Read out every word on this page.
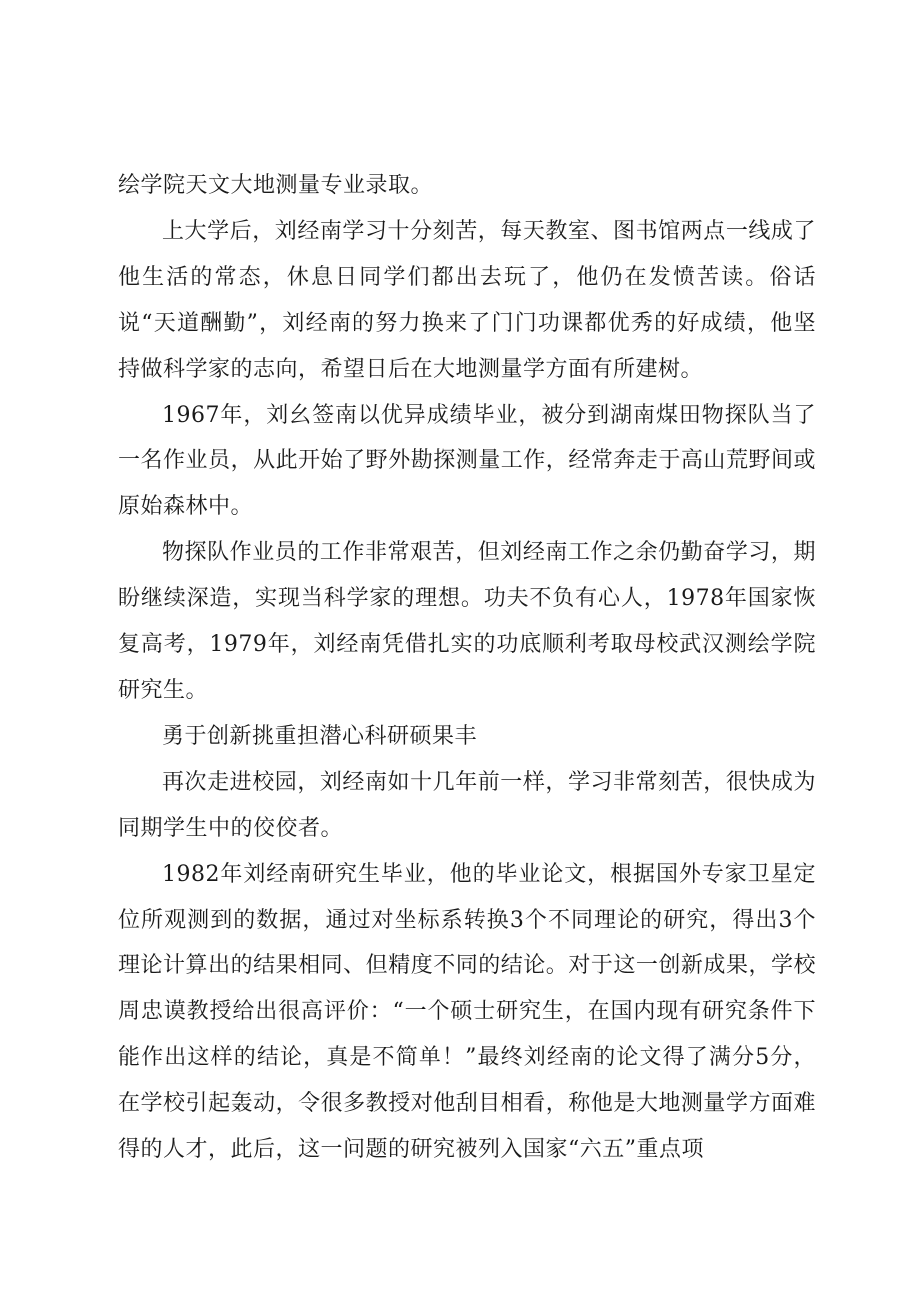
绘学院天文大地测量专业录取。

上大学后，刘经南学习十分刻苦，每天教室、图书馆两点一线成了他生活的常态，休息日同学们都出去玩了，他仍在发愤苦读。俗话说“天道酬勤”，刘经南的努力换来了门门功课都优秀的好成绩，他坚持做科学家的志向，希望日后在大地测量学方面有所建树。

1967年，刘幺签南以优异成绩毕业，被分到湖南煤田物探队当了一名作业员，从此开始了野外勘探测量工作，经常奔走于高山荒野间或原始森林中。

物探队作业员的工作非常艰苦，但刘经南工作之余仍勤奋学习，期盼继续深造，实现当科学家的理想。功夫不负有心人，1978年国家恢复高考，1979年，刘经南凭借扎实的功底顺利考取母校武汉测绘学院研究生。

勇于创新挑重担潜心科研硕果丰

再次走进校园，刘经南如十几年前一样，学习非常刻苦，很快成为同期学生中的佼佼者。

1982年刘经南研究生毕业，他的毕业论文，根据国外专家卫星定位所观测到的数据，通过对坐标系转换3个不同理论的研究，得出3个理论计算出的结果相同、但精度不同的结论。对于这一创新成果，学校周忠谟教授给出很高评价：“一个硕士研究生，在国内现有研究条件下能作出这样的结论，真是不简单！”最终刘经南的论文得了满分5分，在学校引起轰动，令很多教授对他刮目相看，称他是大地测量学方面难得的人才，此后，这一问题的研究被列入国家“六五”重点项
